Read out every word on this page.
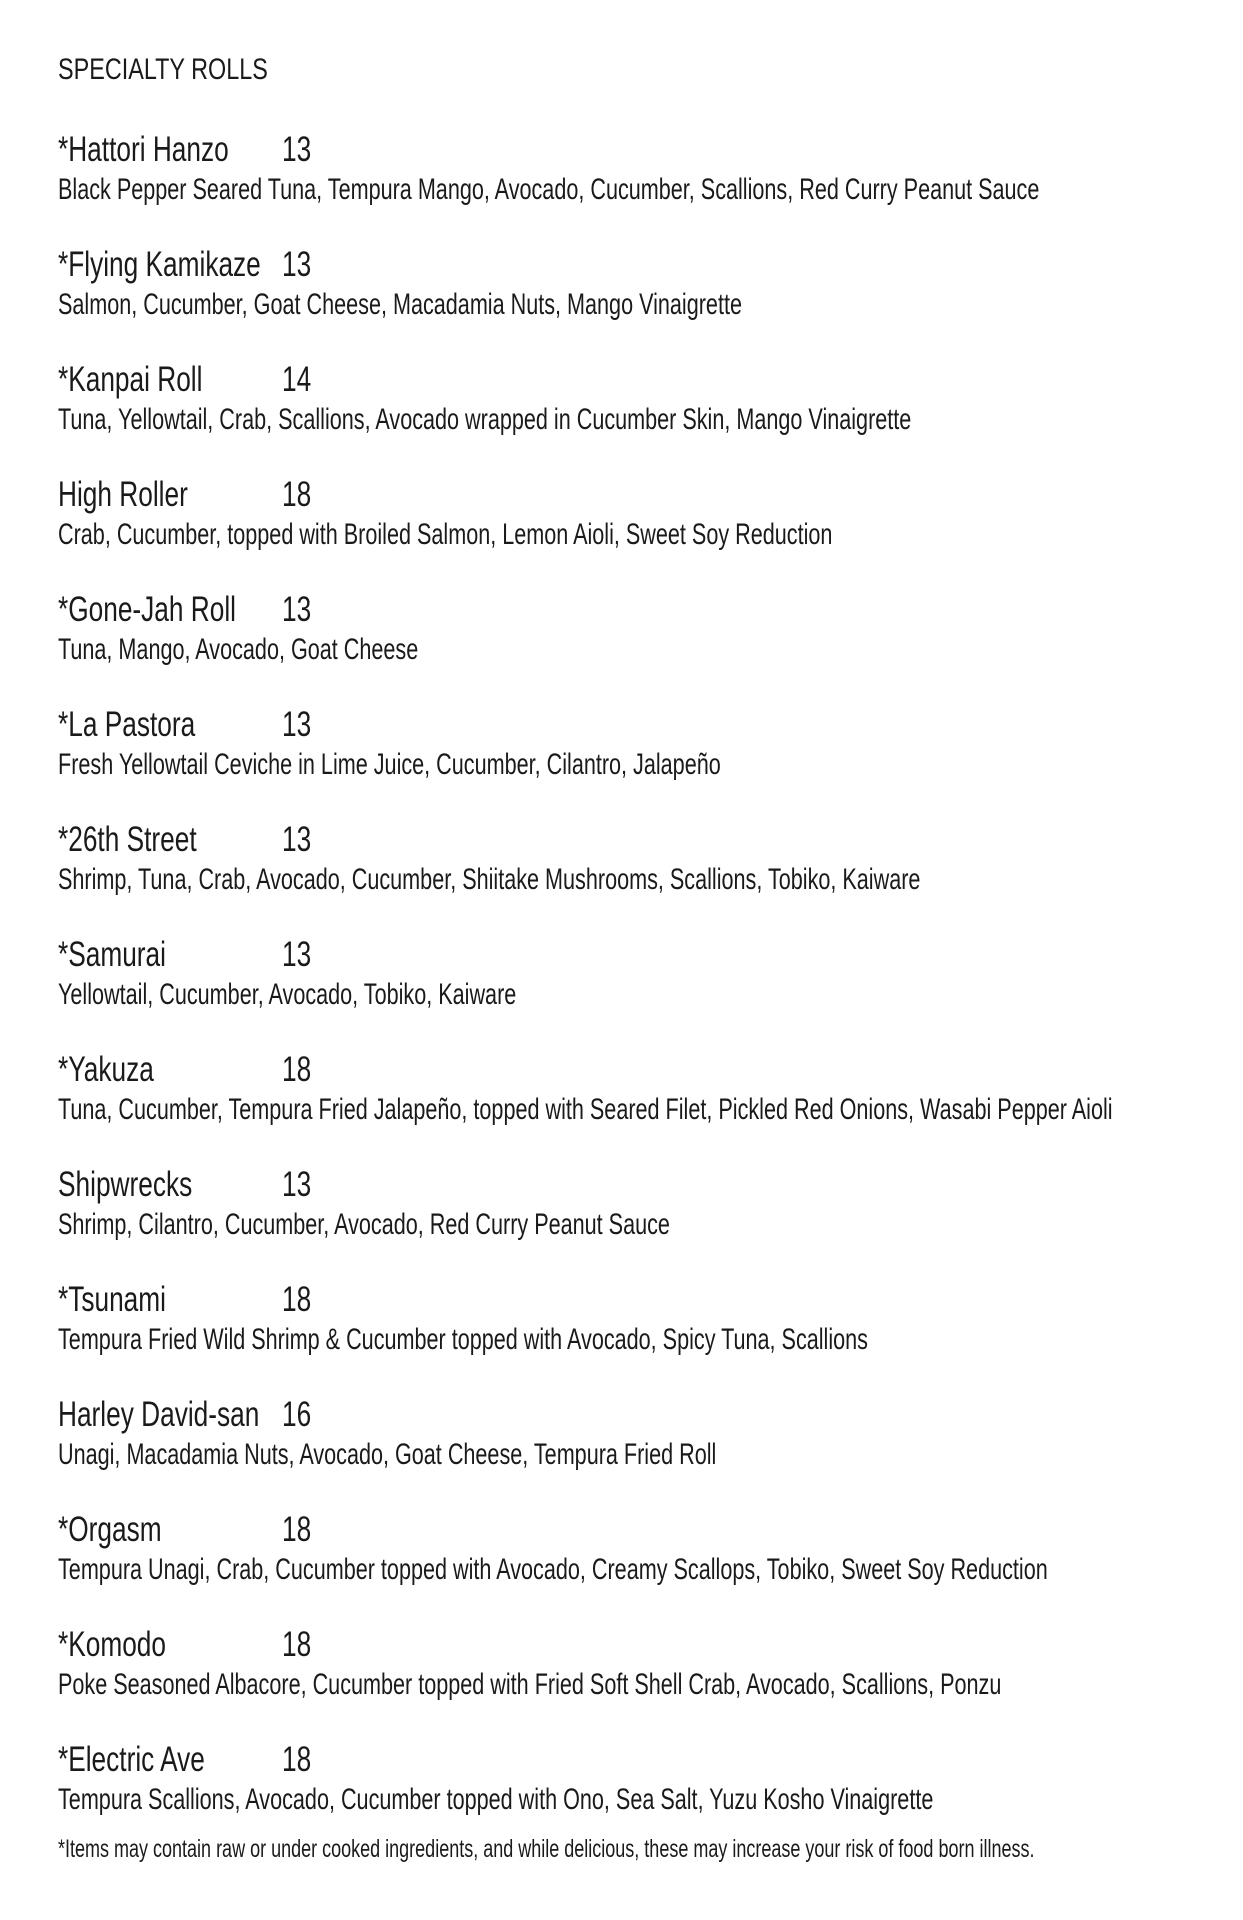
SPECIALTY ROLLS
*Hattori Hanzo 13
Black Pepper Seared Tuna, Tempura Mango, Avocado, Cucumber, Scallions, Red Curry Peanut Sauce
*Flying Kamikaze 13
Salmon, Cucumber, Goat Cheese, Macadamia Nuts, Mango Vinaigrette
*Kanpai Roll 14
Tuna, Yellowtail, Crab, Scallions, Avocado wrapped in Cucumber Skin, Mango Vinaigrette
High Roller	18
Crab, Cucumber, topped with Broiled Salmon, Lemon Aioli, Sweet Soy Reduction
*Gone-Jah Roll 13
Tuna, Mango, Avocado, Goat Cheese
*La Pastora 13
Fresh Yellowtail Ceviche in Lime Juice, Cucumber, Cilantro, Jalapeño
*26th Street 13
Shrimp, Tuna, Crab, Avocado, Cucumber, Shiitake Mushrooms, Scallions, Tobiko, Kaiware
*Samurai	13
Yellowtail, Cucumber, Avocado, Tobiko, Kaiware
*Yakuza	18
Tuna, Cucumber, Tempura Fried Jalapeño, topped with Seared Filet, Pickled Red Onions, Wasabi Pepper Aioli
Shipwrecks	13
Shrimp, Cilantro, Cucumber, Avocado, Red Curry Peanut Sauce
*Tsunami	18
Tempura Fried Wild Shrimp & Cucumber topped with Avocado, Spicy Tuna, Scallions
Harley David-san 16
Unagi, Macadamia Nuts, Avocado, Goat Cheese, Tempura Fried Roll
*Orgasm	18
Tempura Unagi, Crab, Cucumber topped with Avocado, Creamy Scallops, Tobiko, Sweet Soy Reduction
*Komodo	18
Poke Seasoned Albacore, Cucumber topped with Fried Soft Shell Crab, Avocado, Scallions, Ponzu
*Electric Ave 18
Tempura Scallions, Avocado, Cucumber topped with Ono, Sea Salt, Yuzu Kosho Vinaigrette
*Items may contain raw or under cooked ingredients, and while delicious, these may increase your risk of food born illness.
